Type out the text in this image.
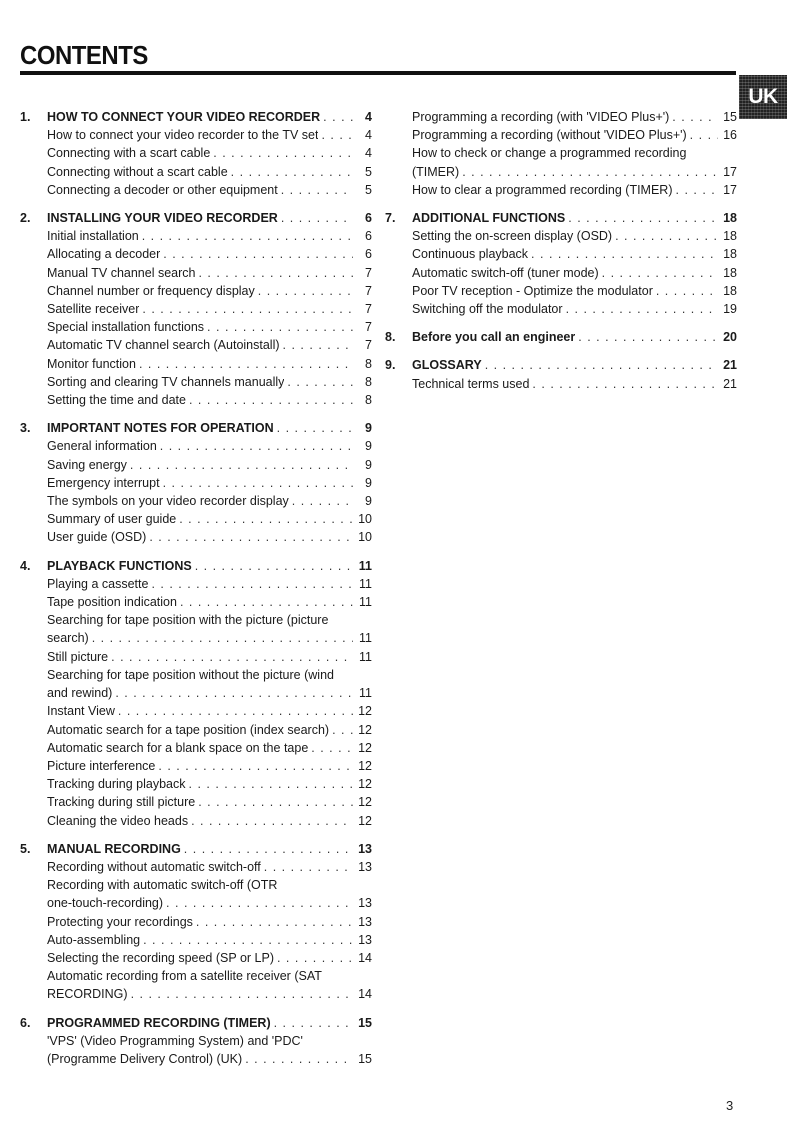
CONTENTS
UK
1.	HOW TO CONNECT YOUR VIDEO RECORDER . . .	4
How to connect your video recorder to the TV set . . .	4
Connecting with a scart cable . . .	4
Connecting without a scart cable . . .	5
Connecting a decoder or other equipment . . .	5
2.	INSTALLING YOUR VIDEO RECORDER . . .	6
Initial installation . . .	6
Allocating a decoder . . .	6
Manual TV channel search . . .	7
Channel number or frequency display . . .	7
Satellite receiver . . .	7
Special installation functions . . .	7
Automatic TV channel search (Autoinstall) . . .	7
Monitor function . . .	8
Sorting and clearing TV channels manually . . .	8
Setting the time and date . . .	8
3.	IMPORTANT NOTES FOR OPERATION . . .	9
General information . . .	9
Saving energy . . .	9
Emergency interrupt . . .	9
The symbols on your video recorder display . . .	9
Summary of user guide . . .	10
User guide (OSD) . . .	10
4.	PLAYBACK FUNCTIONS . . .	11
Playing a cassette . . .	11
Tape position indication . . .	11
Searching for tape position with the picture (picture
search) . . .	11
Still picture . . .	11
Searching for tape position without the picture (wind
and rewind) . . .	11
Instant View . . .	12
Automatic search for a tape position (index search) . . . 12
Automatic search for a blank space on the tape . . .	12
Picture interference . . .	12
Tracking during playback . . .	12
Tracking during still picture . . .	12
Cleaning the video heads . . .	12
5.	MANUAL RECORDING . . .	13
Recording without automatic switch-off . . .	13
Recording with automatic switch-off (OTR
one-touch-recording) . . .	13
Protecting your recordings . . .	13
Auto-assembling . . .	13
Selecting the recording speed (SP or LP) . . .	14
Automatic recording from a satellite receiver (SAT
RECORDING) . . .	14
6.	PROGRAMMED RECORDING (TIMER) . . .	15
'VPS' (Video Programming System) and 'PDC'
(Programme Delivery Control) (UK) . . .	15
Programming a recording (with 'VIDEO Plus+') . . .	15
Programming a recording (without 'VIDEO Plus+') . . .	16
How to check or change a programmed recording
(TIMER) . . .	17
How to clear a programmed recording (TIMER) . . .	17
7.	ADDITIONAL FUNCTIONS . . .	18
Setting the on-screen display (OSD) . . .	18
Continuous playback . . .	18
Automatic switch-off (tuner mode) . . .	18
Poor TV reception - Optimize the modulator . . .	18
Switching off the modulator . . .	19
8.	Before you call an engineer . . .	20
9.	GLOSSARY . . .	21
Technical terms used . . .	21
3
